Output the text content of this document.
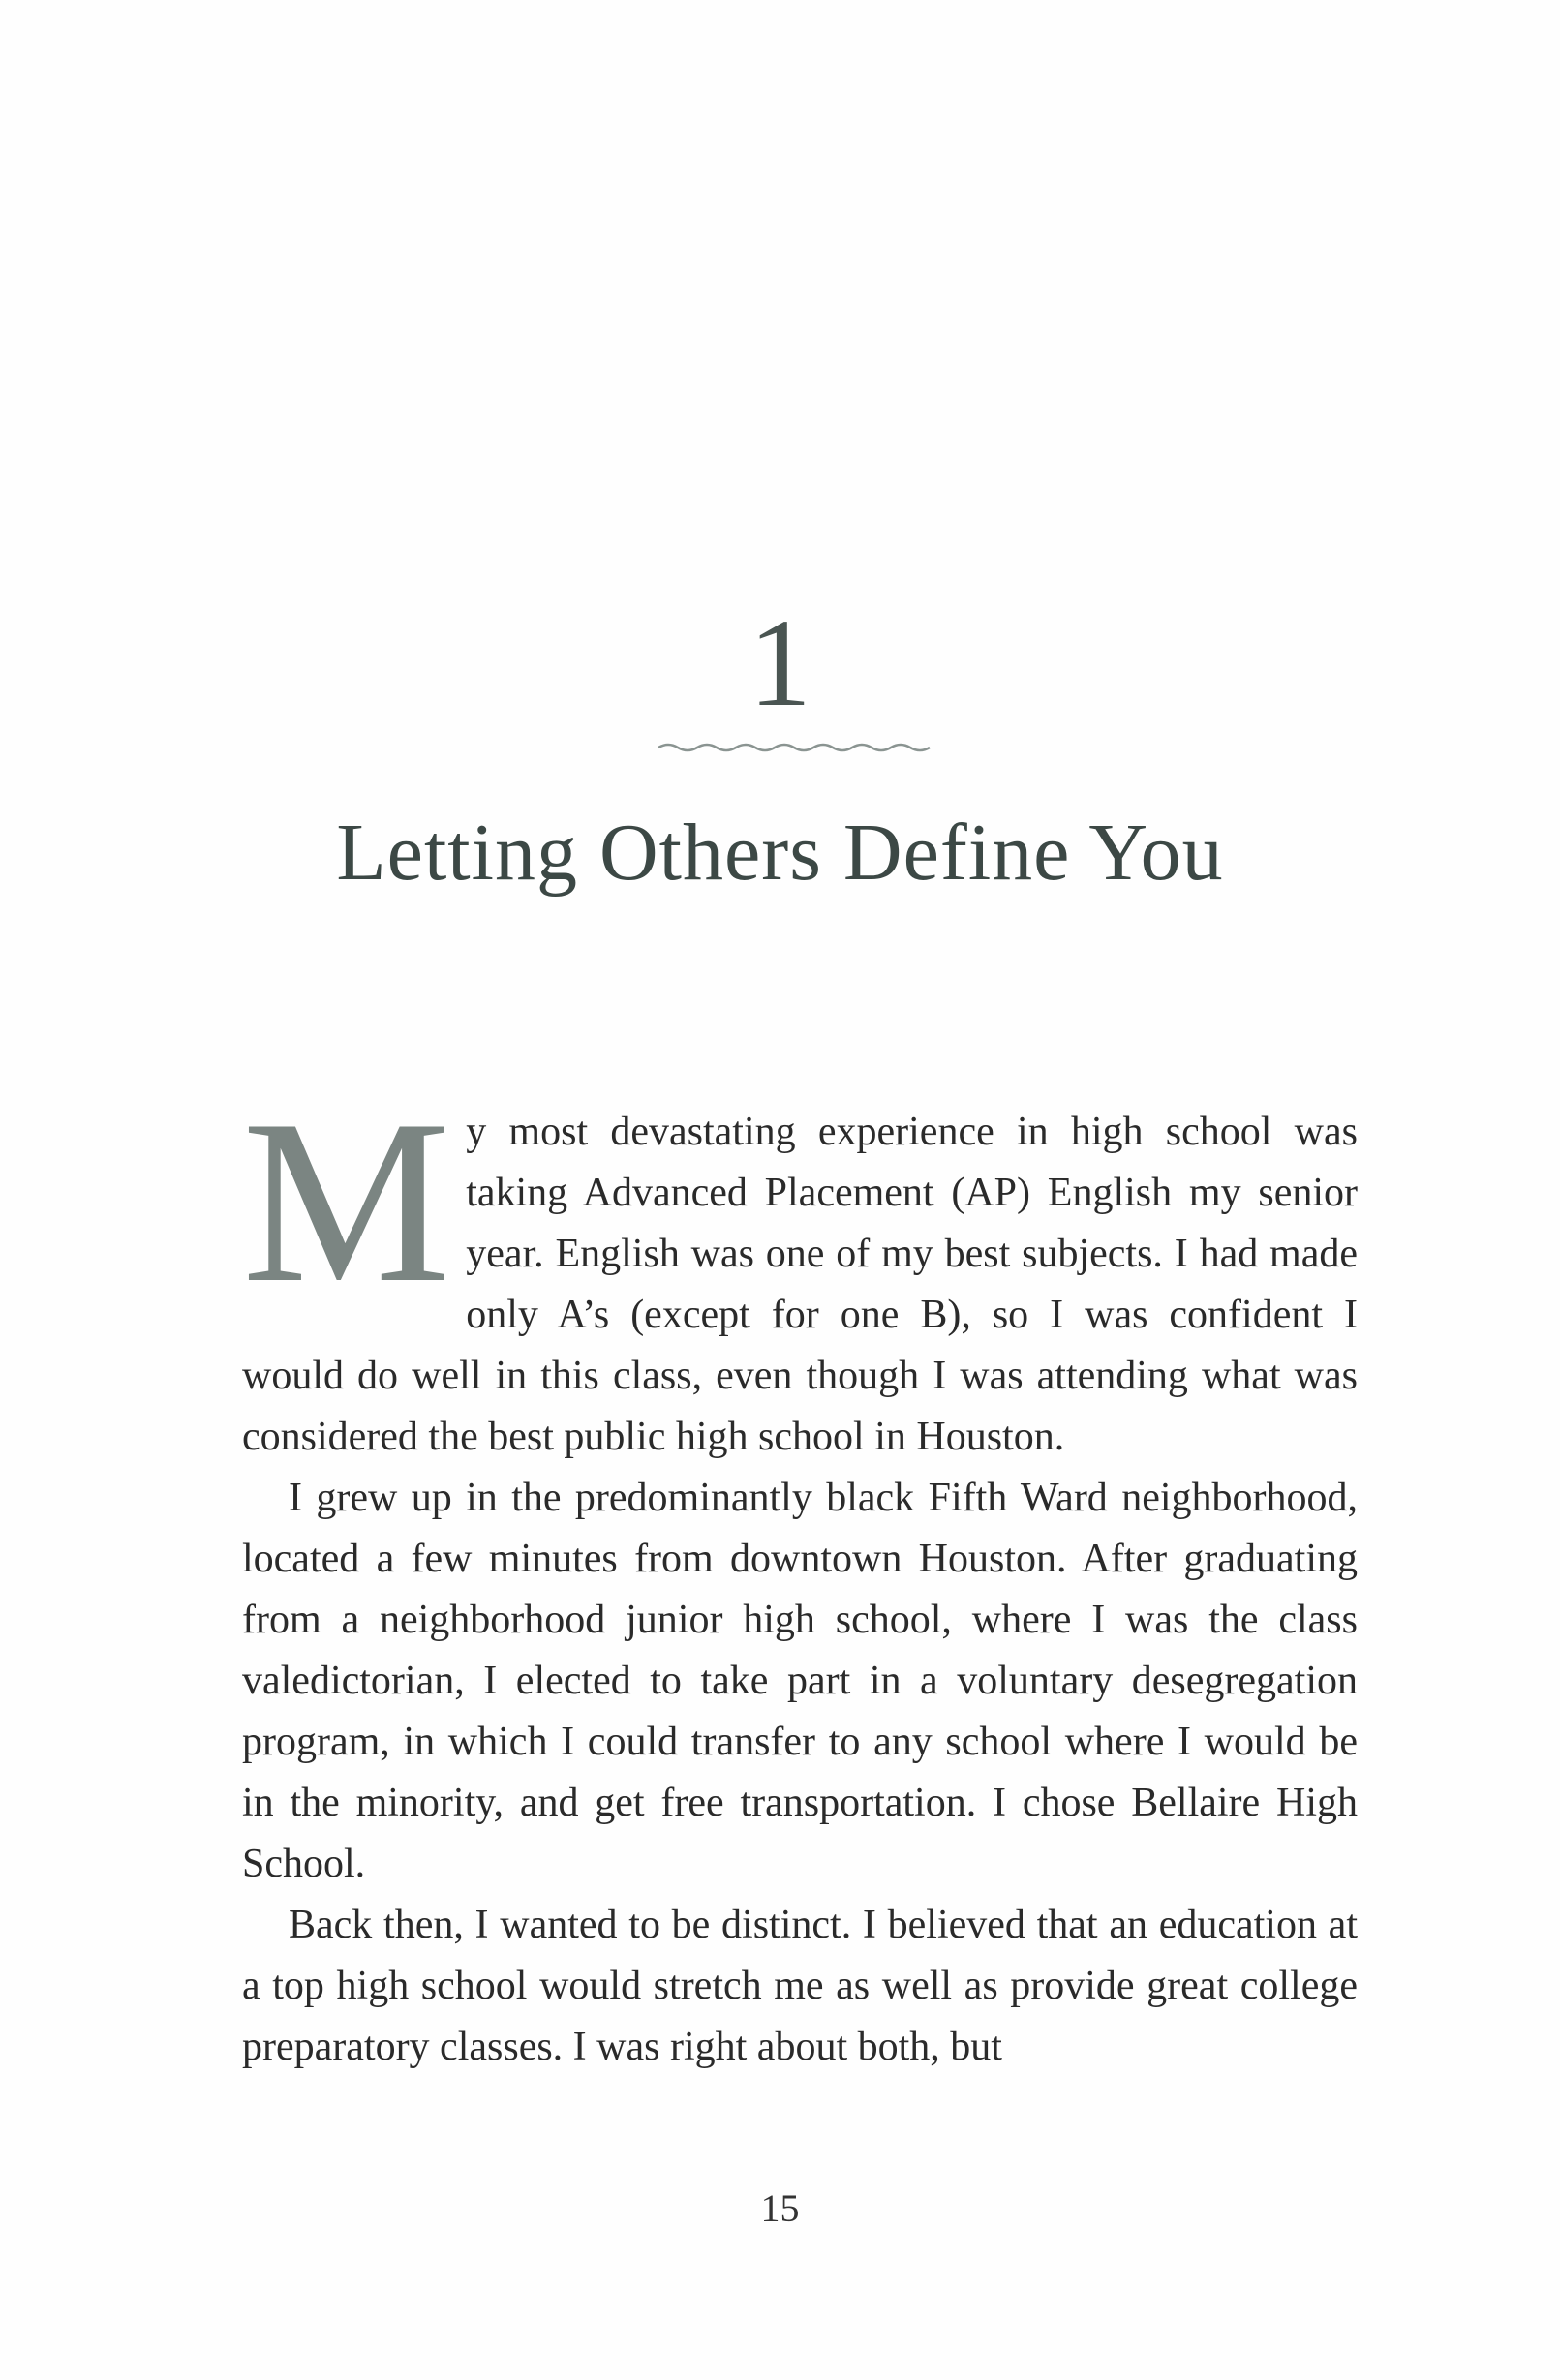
1
Letting Others Define You

My most devastating experience in high school was taking Advanced Placement (AP) English my senior year. English was one of my best subjects. I had made only A’s (except for one B), so I was confident I would do well in this class, even though I was attending what was considered the best public high school in Houston.

I grew up in the predominantly black Fifth Ward neighborhood, located a few minutes from downtown Houston. After graduating from a neighborhood junior high school, where I was the class valedictorian, I elected to take part in a voluntary desegregation program, in which I could transfer to any school where I would be in the minority, and get free transportation. I chose Bellaire High School.

Back then, I wanted to be distinct. I believed that an education at a top high school would stretch me as well as provide great college preparatory classes. I was right about both, but

15
